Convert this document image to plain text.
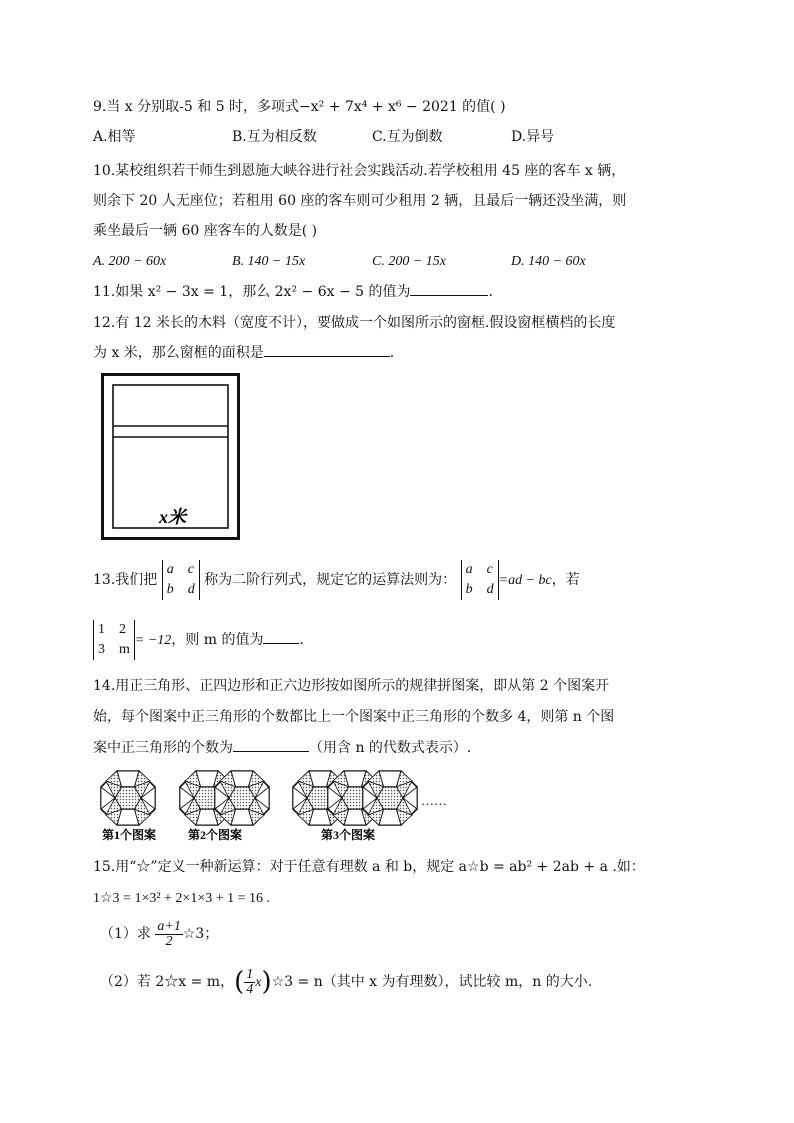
9.当 x 分别取-5 和 5 时，多项式−x² + 7x⁴ + x⁶ − 2021 的值( )
A.相等	B.互为相反数	C.互为倒数	D.异号
10.某校组织若干师生到恩施大峡谷进行社会实践活动.若学校租用 45 座的客车 x 辆，
则余下 20 人无座位；若租用 60 座的客车则可少租用 2 辆，且最后一辆还没坐满，则
乘坐最后一辆 60 座客车的人数是( )
A. 200 − 60x	B. 140 − 15x	C. 200 − 15x	D. 140 − 60x
11.如果 x² − 3x = 1，那么 2x² − 6x − 5 的值为	.
12.有 12 米长的木料（宽度不计），要做成一个如图所示的窗框.假设窗框横档的长度
为 x 米，那么窗框的面积是	.
x米
13.我们把
a    c
b    d
称为二阶行列式，规定它的运算法则为：
a    c
b    d
=ad − bc，若
1    2
3    m
= −12，则 m 的值为	.
14.用正三角形、正四边形和正六边形按如图所示的规律拼图案，即从第 2 个图案开
始，每个图案中正三角形的个数都比上一个图案中正三角形的个数多 4，则第 n 个图
案中正三角形的个数为	（用含 n 的代数式表示）.
……
第1个图案	第2个图案	第3个图案
15.用“☆”定义一种新运算：对于任意有理数 a 和 b，规定 a☆b = ab² + 2ab + a .如：
1☆3 = 1×3² + 2×1×3 + 1 = 16 .
（1）求 $\frac{a+1}{2}$ ☆3；
（2）若 2☆x = m，( $\frac{1}{4}$ x)☆3 = n（其中 x 为有理数），试比较 m，n 的大小.
